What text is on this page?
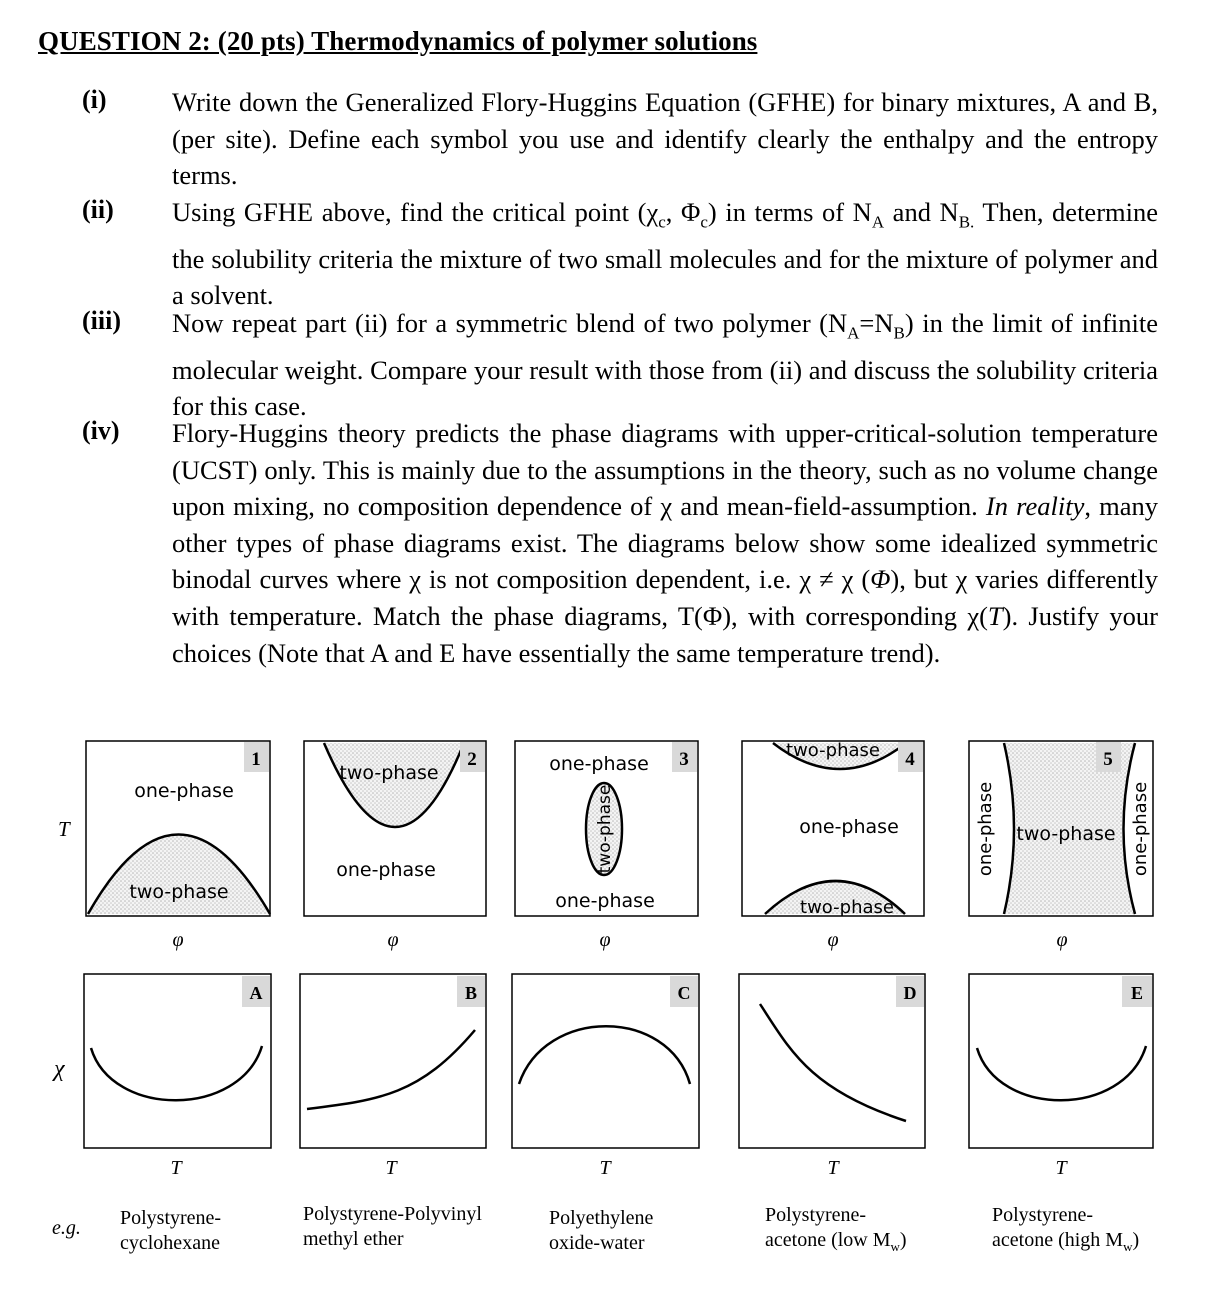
QUESTION 2: (20 pts) Thermodynamics of polymer solutions
(i) Write down the Generalized Flory-Huggins Equation (GFHE) for binary mixtures, A and B, (per site). Define each symbol you use and identify clearly the enthalpy and the entropy terms.
(ii) Using GFHE above, find the critical point ($\chi_c$, $\Phi_c$) in terms of $N_A$ and $N_{B.}$ Then, determine the solubility criteria the mixture of two small molecules and for the mixture of polymer and a solvent.
(iii) Now repeat part (ii) for a symmetric blend of two polymer $(N_A=N_B)$ in the limit of infinite molecular weight. Compare your result with those from (ii) and discuss the solubility criteria for this case.
(iv) Flory-Huggins theory predicts the phase diagrams with upper-critical-solution temperature (UCST) only. This is mainly due to the assumptions in the theory, such as no volume change upon mixing, no composition dependence of χ and mean-field-assumption. In reality, many other types of phase diagrams exist. The diagrams below show some idealized symmetric binodal curves where χ is not composition dependent, i.e. χ ≠ χ (Φ), but χ varies differently with temperature. Match the phase diagrams, T(Φ), with corresponding χ(T). Justify your choices (Note that A and E have essentially the same temperature trend).
T
χ
1
one-phase
two-phase
φ
2
two-phase
one-phase
φ
3
one-phase
two-phase
one-phase
φ
4
two-phase
one-phase
two-phase
φ
5
one-phase two-phase one-phase
φ
A
T
B
T
C
T
D
T
E
T
e.g. Polystyrene-
cyclohexane
Polystyrene-Polyvinyl
methyl ether
Polyethylene
oxide-water
Polystyrene-
acetone (low $M_w$)
Polystyrene-
acetone (high $M_w$)
